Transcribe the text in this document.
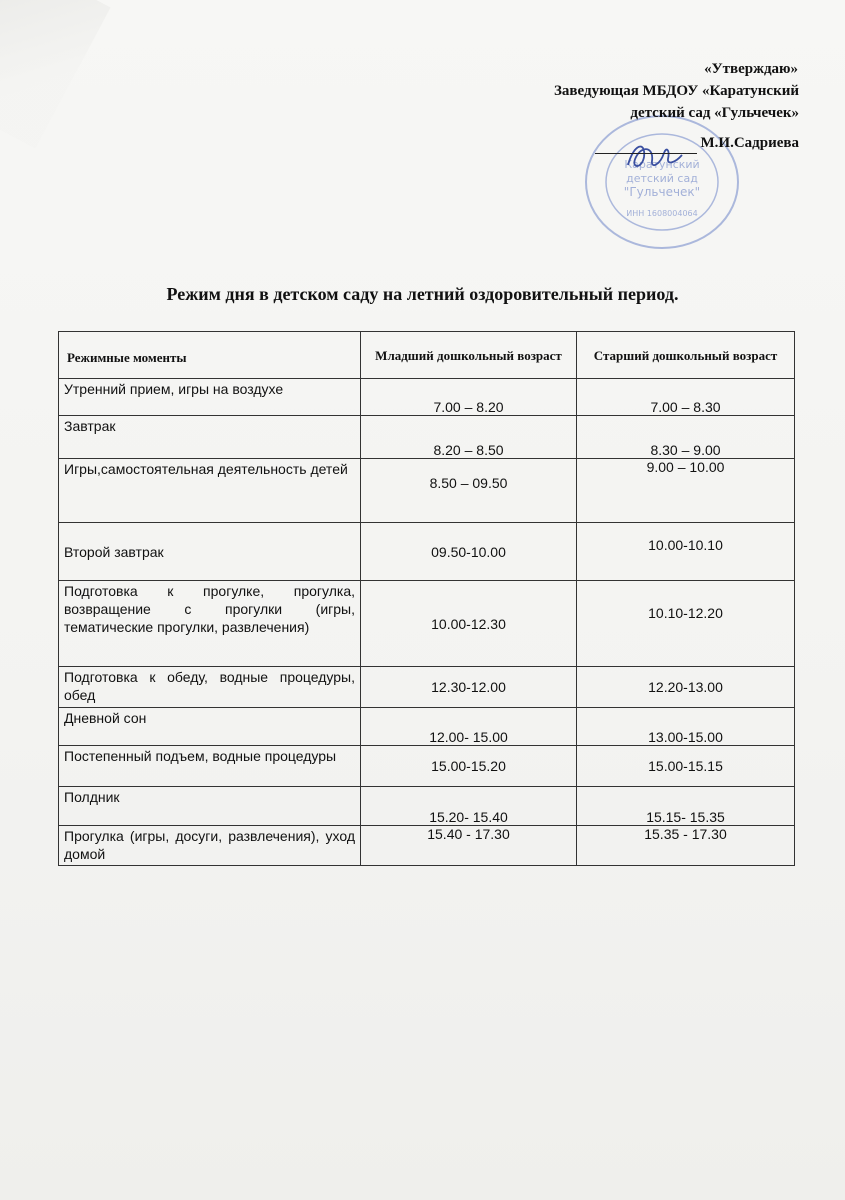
Каратунский
детский сад
"Гульчечек"
ИНН 1608004064
«Утверждаю»
Заведующая МБДОУ «Каратунский
детский сад «Гульчечек»
М.И.Садриева
Режим дня в детском саду на летний оздоровительный период.
Режимные моменты	Младший дошкольный возраст	Старший дошкольный возраст
Утренний прием, игры на воздухе	7.00 – 8.20	7.00 – 8.30
Завтрак	8.20 – 8.50	8.30 – 9.00
Игры,самостоятельная деятельность детей	8.50 – 09.50	9.00 – 10.00
Второй завтрак	09.50-10.00	10.00-10.10
Подготовка к прогулке, прогулка, возвращение с прогулки (игры, тематические прогулки, развлечения)	10.00-12.30	10.10-12.20
Подготовка к обеду, водные процедуры, обед	12.30-12.00	12.20-13.00
Дневной сон	12.00- 15.00	13.00-15.00
Постепенный подъем, водные процедуры	15.00-15.20	15.00-15.15
Полдник	15.20- 15.40	15.15- 15.35
Прогулка (игры, досуги, развлечения), уход домой	15.40 - 17.30	15.35 - 17.30
